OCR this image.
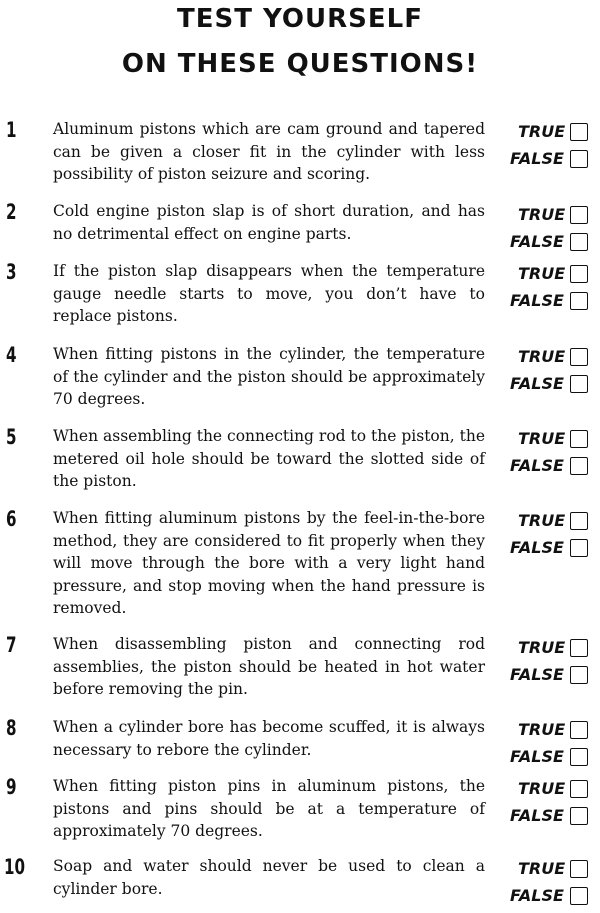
TEST YOURSELF
ON THESE QUESTIONS!
1	Aluminum pistons which are cam ground and tapered can be given a closer fit in the cylinder with less possibility of piston seizure and scoring.
TRUE
FALSE
2	Cold engine piston slap is of short duration, and has no detrimental effect on engine parts.
TRUE
FALSE
3	If the piston slap disappears when the temperature gauge needle starts to move, you don’t have to replace pistons.
TRUE
FALSE
4	When fitting pistons in the cylinder, the temperature of the cylinder and the piston should be approximately 70 degrees.
TRUE
FALSE
5	When assembling the connecting rod to the piston, the metered oil hole should be toward the slotted side of the piston.
TRUE
FALSE
6	When fitting aluminum pistons by the feel-in-the-bore method, they are considered to fit properly when they will move through the bore with a very light hand pressure, and stop moving when the hand pressure is removed.
TRUE
FALSE
7	When disassembling piston and connecting rod assemblies, the piston should be heated in hot water before removing the pin.
TRUE
FALSE
8	When a cylinder bore has become scuffed, it is always necessary to rebore the cylinder.
TRUE
FALSE
9	When fitting piston pins in aluminum pistons, the pistons and pins should be at a temperature of approximately 70 degrees.
TRUE
FALSE
10 Soap and water should never be used to clean a cylinder bore.
TRUE
FALSE
